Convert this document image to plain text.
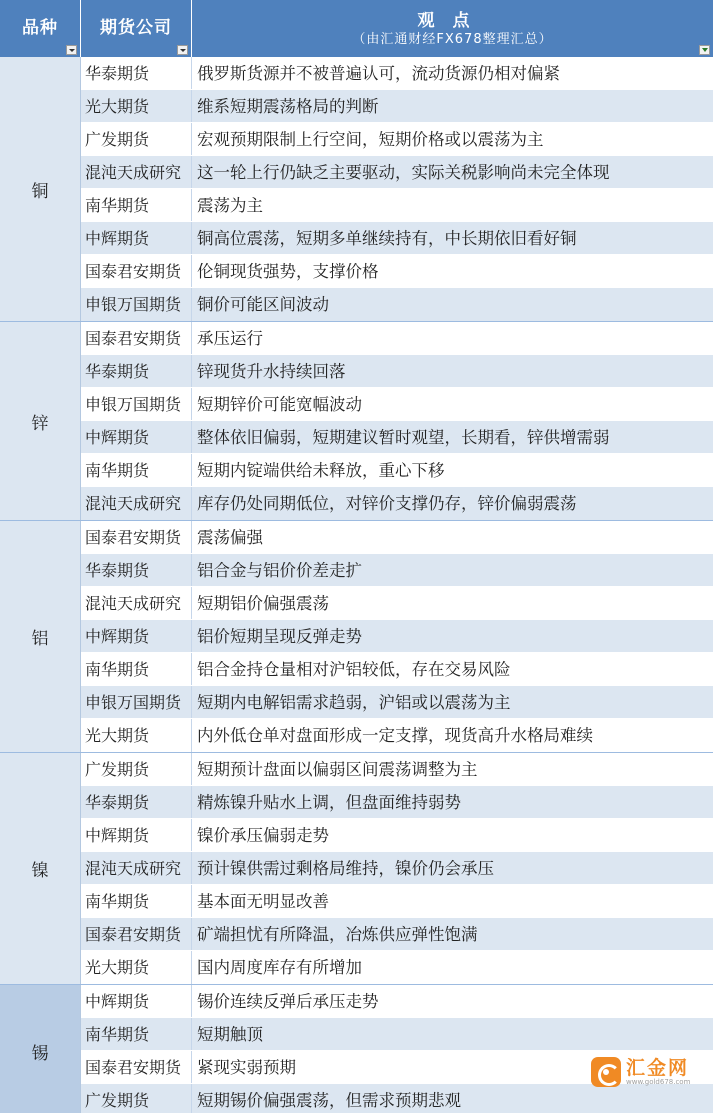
品种	期货公司	观点
（由汇通财经FX678整理汇总）
铜
华泰期货	俄罗斯货源并不被普遍认可，流动货源仍相对偏紧
光大期货	维系短期震荡格局的判断
广发期货	宏观预期限制上行空间，短期价格或以震荡为主
混沌天成研究 这一轮上行仍缺乏主要驱动，实际关税影响尚未完全体现
南华期货	震荡为主
中辉期货	铜高位震荡，短期多单继续持有，中长期依旧看好铜
国泰君安期货 伦铜现货强势，支撑价格
申银万国期货 铜价可能区间波动
锌
国泰君安期货 承压运行
华泰期货	锌现货升水持续回落
申银万国期货 短期锌价可能宽幅波动
中辉期货	整体依旧偏弱，短期建议暂时观望，长期看，锌供增需弱
南华期货	短期内锭端供给未释放，重心下移
混沌天成研究 库存仍处同期低位，对锌价支撑仍存，锌价偏弱震荡
铝
国泰君安期货 震荡偏强
华泰期货	铝合金与铝价价差走扩
混沌天成研究 短期铝价偏强震荡
中辉期货	铝价短期呈现反弹走势
南华期货	铝合金持仓量相对沪铝较低，存在交易风险
申银万国期货 短期内电解铝需求趋弱，沪铝或以震荡为主
光大期货	内外低仓单对盘面形成一定支撑，现货高升水格局难续
镍
广发期货	短期预计盘面以偏弱区间震荡调整为主
华泰期货	精炼镍升贴水上调，但盘面维持弱势
中辉期货	镍价承压偏弱走势
混沌天成研究 预计镍供需过剩格局维持，镍价仍会承压
南华期货	基本面无明显改善
国泰君安期货 矿端担忧有所降温，冶炼供应弹性饱满
光大期货	国内周度库存有所增加
锡
中辉期货	锡价连续反弹后承压走势
南华期货	短期触顶
国泰君安期货 紧现实弱预期
广发期货	短期锡价偏强震荡，但需求预期悲观
汇金网
www.gold678.com
